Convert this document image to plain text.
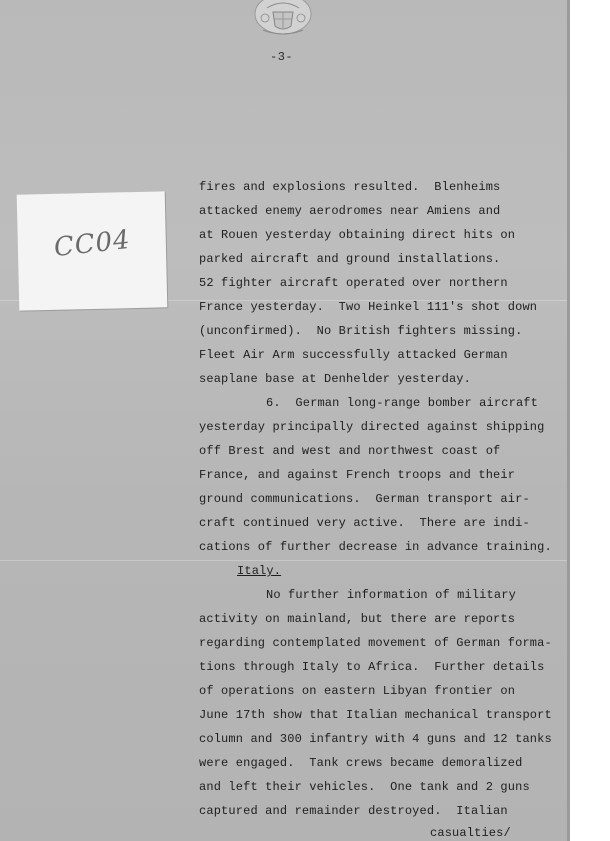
-3-
fires and explosions resulted.  Blenheims
attacked enemy aerodromes near Amiens and
at Rouen yesterday obtaining direct hits on
parked aircraft and ground installations.
52 fighter aircraft operated over northern
France yesterday.  Two Heinkel 111's shot down
(unconfirmed).  No British fighters missing.
Fleet Air Arm successfully attacked German
seaplane base at Denhelder yesterday.
6.  German long-range bomber aircraft
yesterday principally directed against shipping
off Brest and west and northwest coast of
France, and against French troops and their
ground communications.  German transport air-
craft continued very active.  There are indi-
cations of further decrease in advance training.
Italy.
No further information of military
activity on mainland, but there are reports
regarding contemplated movement of German forma-
tions through Italy to Africa.  Further details
of operations on eastern Libyan frontier on
June 17th show that Italian mechanical transport
column and 300 infantry with 4 guns and 12 tanks
were engaged.  Tank crews became demoralized
and left their vehicles.  One tank and 2 guns
captured and remainder destroyed.  Italian
casualties/
CC04
